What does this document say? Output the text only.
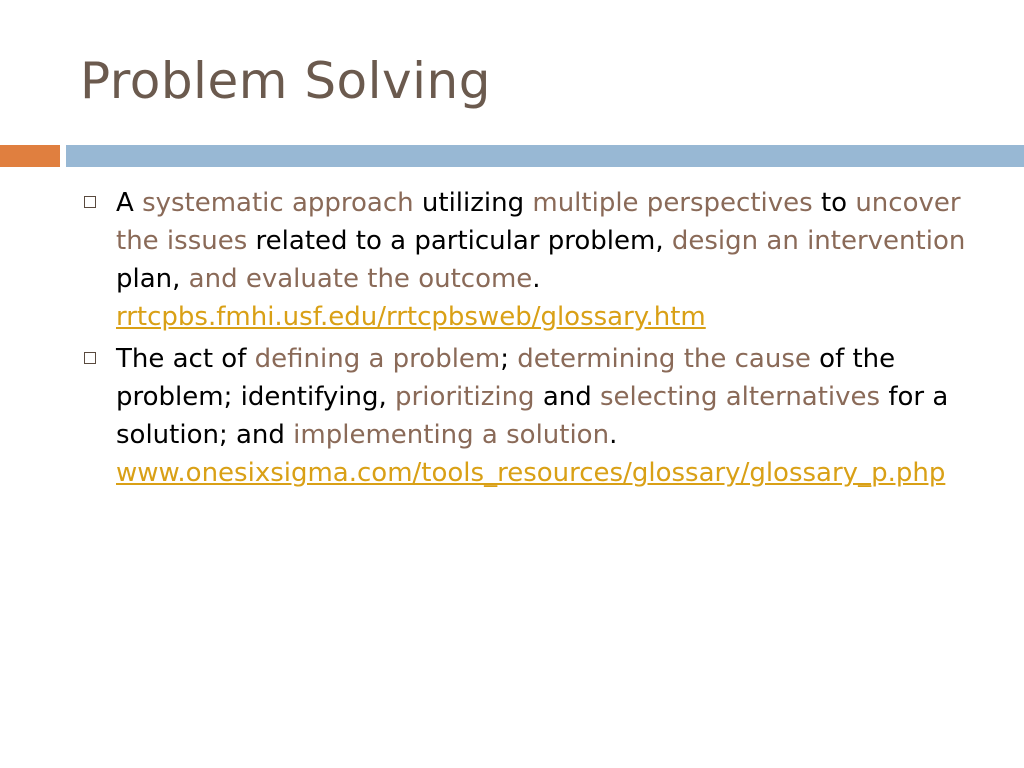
Problem Solving
A systematic approach utilizing multiple perspectives to uncover the issues related to a particular problem, design an intervention plan, and evaluate the outcome.
rrtcpbs.fmhi.usf.edu/rrtcpbsweb/glossary.htm
The act of defining a problem; determining the cause of the problem; identifying, prioritizing and selecting alternatives for a solution; and implementing a solution.
www.onesixsigma.com/tools_resources/glossary/glossary_p.php
